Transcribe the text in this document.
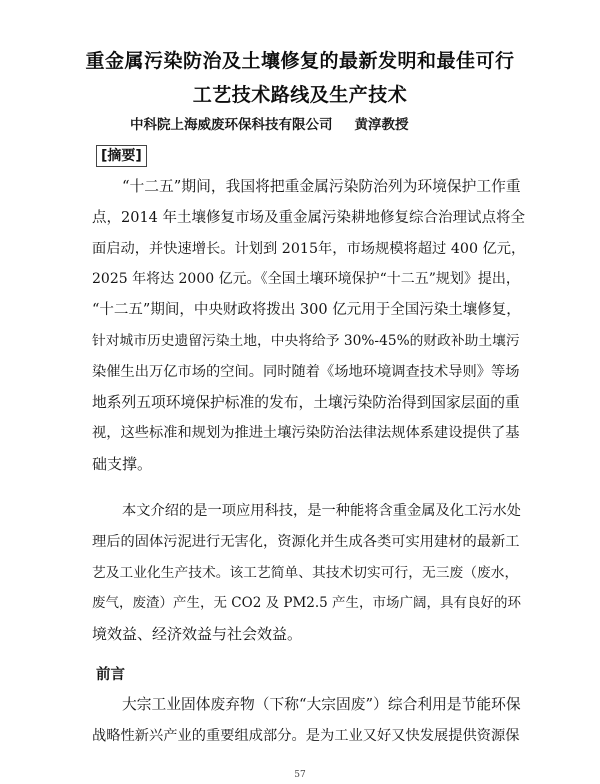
重金属污染防治及土壤修复的最新发明和最佳可行
工艺技术路线及生产技术
中科院上海威废环保科技有限公司 黄淳教授
[摘要]
“十二五”期间，我国将把重金属污染防治列为环境保护工作重
点，2014 年土壤修复市场及重金属污染耕地修复综合治理试点将全
面启动，并快速增长。计划到 2015年，市场规模将超过 400 亿元，
2025 年将达 2000 亿元。《全国土壤环境保护“十二五”规划》提出，
“十二五”期间，中央财政将拨出 300 亿元用于全国污染土壤修复，
针对城市历史遗留污染土地，中央将给予 30%-45%的财政补助土壤污
染催生出万亿市场的空间。同时随着《场地环境调查技术导则》等场
地系列五项环境保护标准的发布，土壤污染防治得到国家层面的重
视，这些标准和规划为推进土壤污染防治法律法规体系建设提供了基
础支撑。
本文介绍的是一项应用科技，是一种能将含重金属及化工污水处
理后的固体污泥进行无害化，资源化并生成各类可实用建材的最新工
艺及工业化生产技术。该工艺简单、其技术切实可行，无三废（废水，
废气，废渣）产生，无 CO2 及 PM2.5 产生，市场广阔，具有良好的环
境效益、经济效益与社会效益。
前言
大宗工业固体废弃物（下称“大宗固废”）综合利用是节能环保
战略性新兴产业的重要组成部分。是为工业又好又快发展提供资源保
57
